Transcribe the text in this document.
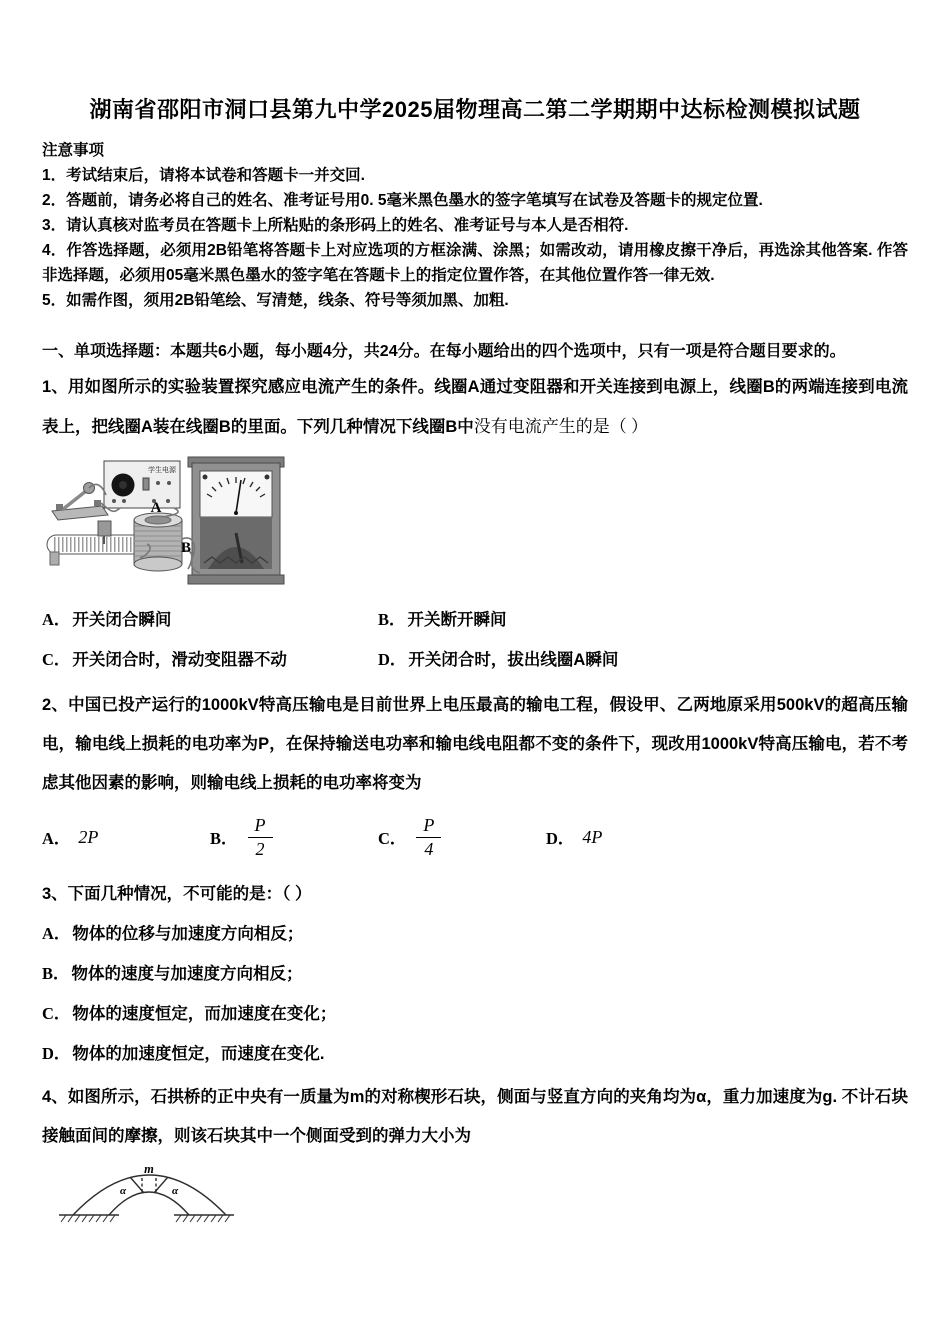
湖南省邵阳市洞口县第九中学2025届物理高二第二学期期中达标检测模拟试题

注意事项

1．考试结束后，请将本试卷和答题卡一并交回.

2．答题前，请务必将自己的姓名、准考证号用0. 5毫米黑色墨水的签字笔填写在试卷及答题卡的规定位置.

3．请认真核对监考员在答题卡上所粘贴的条形码上的姓名、准考证号与本人是否相符.

4．作答选择题，必须用2B铅笔将答题卡上对应选项的方框涂满、涂黑；如需改动，请用橡皮擦干净后，再选涂其他答案. 作答非选择题，必须用05毫米黑色墨水的签字笔在答题卡上的指定位置作答，在其他位置作答一律无效.

5．如需作图，须用2B铅笔绘、写清楚，线条、符号等须加黑、加粗.

一、单项选择题：本题共6小题，每小题4分，共24分。在每小题给出的四个选项中，只有一项是符合题目要求的。

1、用如图所示的实验装置探究感应电流产生的条件。线圈A通过变阻器和开关连接到电源上，线圈B的两端连接到电流表上，把线圈A装在线圈B的里面。下列几种情况下线圈B中没有电流产生的是（ ）

学生电源
A
B
A． 开关闭合瞬间	B． 开关断开瞬间
C． 开关闭合时，滑动变阻器不动	D． 开关闭合时，拔出线圈A瞬间

2、中国已投产运行的1000kV特高压输电是目前世界上电压最高的输电工程，假设甲、乙两地原采用500kV的超高压输电，输电线上损耗的电功率为P，在保持输送电功率和输电线电阻都不变的条件下，现改用1000kV特高压输电，若不考虑其他因素的影响，则输电线上损耗的电功率将变为

A． 2P	B． $\frac{P}{2}$	C． $\frac{P}{4}$	D． 4P

3、下面几种情况，不可能的是：（ ）

A． 物体的位移与加速度方向相反；

B． 物体的速度与加速度方向相反；

C． 物体的速度恒定，而加速度在变化；

D． 物体的加速度恒定，而速度在变化.

4、如图所示，石拱桥的正中央有一质量为m的对称楔形石块，侧面与竖直方向的夹角均为α，重力加速度为g. 不计石块接触面间的摩擦，则该石块其中一个侧面受到的弹力大小为

m
α	α
